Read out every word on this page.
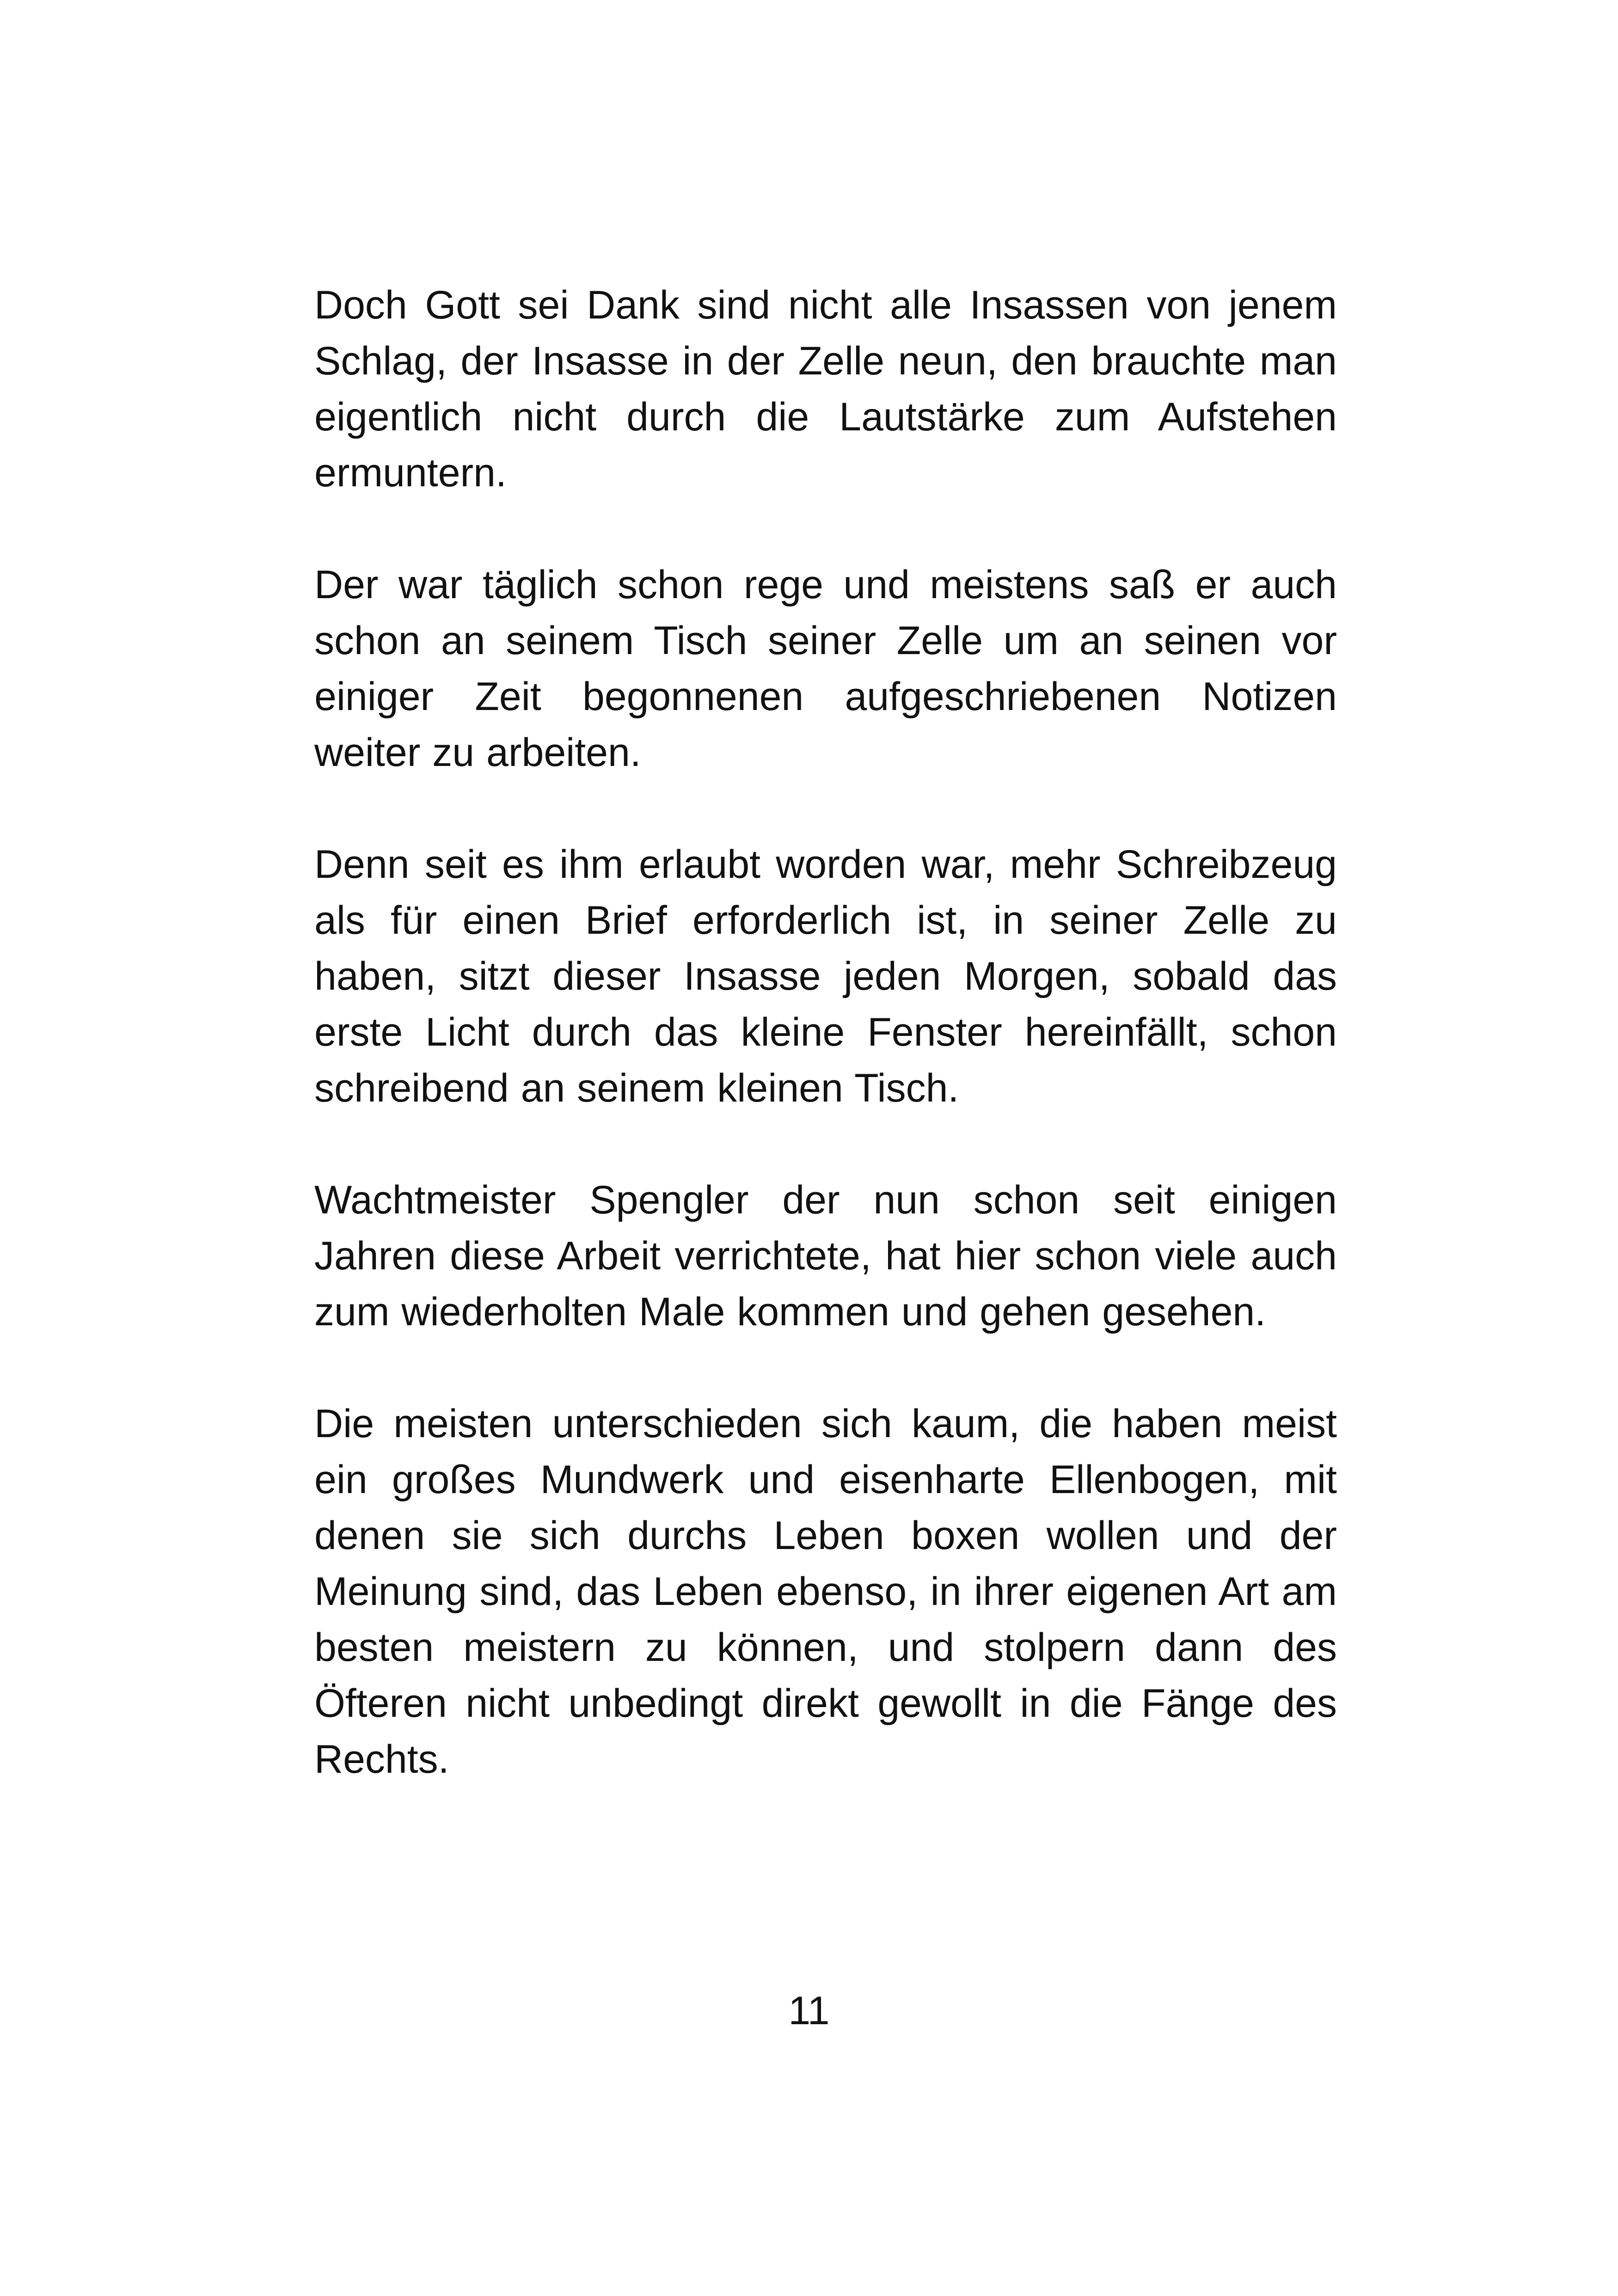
Doch Gott sei Dank sind nicht alle Insassen von jenem Schlag, der Insasse in der Zelle neun, den brauchte man eigentlich nicht durch die Lautstärke zum Aufstehen ermuntern.

Der war täglich schon rege und meistens saß er auch schon an seinem Tisch seiner Zelle um an seinen vor einiger Zeit begonnenen aufgeschriebenen Notizen weiter zu arbeiten.

Denn seit es ihm erlaubt worden war, mehr Schreibzeug als für einen Brief erforderlich ist, in seiner Zelle zu haben, sitzt dieser Insasse jeden Morgen, sobald das erste Licht durch das kleine Fenster hereinfällt, schon schreibend an seinem kleinen Tisch.

Wachtmeister Spengler der nun schon seit einigen Jahren diese Arbeit verrichtete, hat hier schon viele auch zum wiederholten Male kommen und gehen gesehen.

Die meisten unterschieden sich kaum, die haben meist ein großes Mundwerk und eisenharte Ellenbogen, mit denen sie sich durchs Leben boxen wollen und der Meinung sind, das Leben ebenso, in ihrer eigenen Art am besten meistern zu können, und stolpern dann des Öfteren nicht unbedingt direkt gewollt in die Fänge des Rechts.

11
